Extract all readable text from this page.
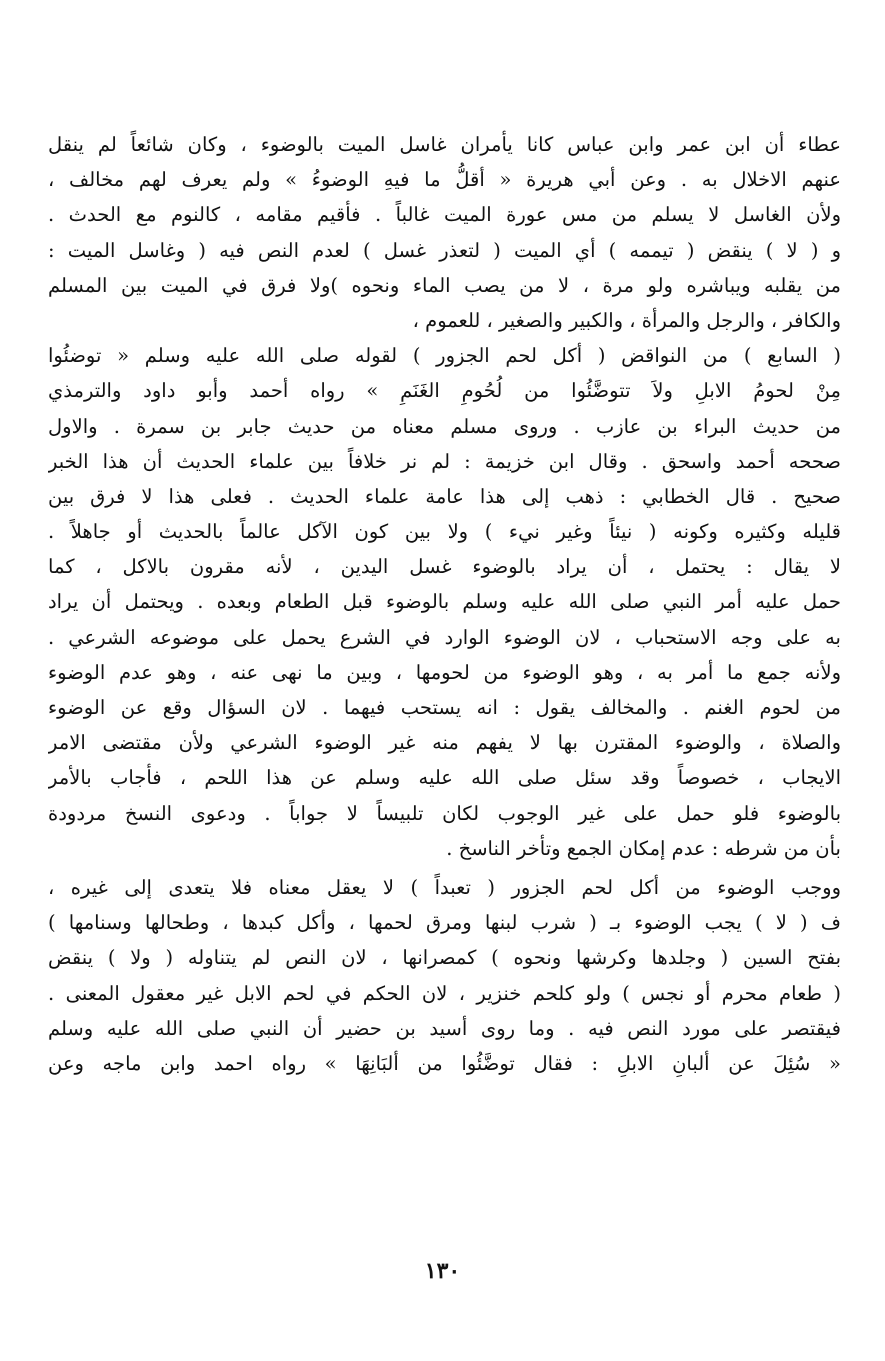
عطاء أن ابن عمر وابن عباس كانا يأمران غاسل الميت بالوضوء ، وكان شائعاً لم ينقل
عنهم الاخلال به . وعن أبي هريرة « أقلُّ ما فيهِ الوضوءُ » ولم يعرف لهم مخالف ،
ولأن الغاسل لا يسلم من مس عورة الميت غالباً . فأقيم مقامه ، كالنوم مع الحدث .
و ( لا ) ينقض ( تيممه ) أي الميت ( لتعذر غسل ) لعدم النص فيه ( وغاسل الميت :
من يقلبه ويباشره ولو مرة ، لا من يصب الماء ونحوه )ولا فرق في الميت بين المسلم
والكافر ، والرجل والمرأة ، والكبير والصغير ، للعموم ،
( السابع ) من النواقض ( أكل لحم الجزور ) لقوله صلى الله عليه وسلم « توضئُوا
مِنْ لحومُ الابلِ ولاَ تتوضَّئُوا من لُحُومِ الغَنَمِ » رواه أحمد وأبو داود والترمذي
من حديث البراء بن عازب . وروى مسلم معناه من حديث جابر بن سمرة . والاول
صححه أحمد واسحق . وقال ابن خزيمة : لم نر خلافاً بين علماء الحديث أن هذا الخبر
صحيح . قال الخطابي : ذهب إلى هذا عامة علماء الحديث . فعلى هذا لا فرق بين
قليله وكثيره وكونه ( نيئاً وغير نيء ) ولا بين كون الآكل عالماً بالحديث أو جاهلاً .
لا يقال : يحتمل ، أن يراد بالوضوء غسل اليدين ، لأنه مقرون بالاكل ، كما
حمل عليه أمر النبي صلى الله عليه وسلم بالوضوء قبل الطعام وبعده . ويحتمل أن يراد
به على وجه الاستحباب ، لان الوضوء الوارد في الشرع يحمل على موضوعه الشرعي .
ولأنه جمع ما أمر به ، وهو الوضوء من لحومها ، وبين ما نهى عنه ، وهو عدم الوضوء
من لحوم الغنم . والمخالف يقول : انه يستحب فيهما . لان السؤال وقع عن الوضوء
والصلاة ، والوضوء المقترن بها لا يفهم منه غير الوضوء الشرعي ولأن مقتضى الامر
الايجاب ، خصوصاً وقد سئل صلى الله عليه وسلم عن هذا اللحم ، فأجاب بالأمر
بالوضوء فلو حمل على غير الوجوب لكان تلبيساً لا جواباً . ودعوى النسخ مردودة
بأن من شرطه : عدم إمكان الجمع وتأخر الناسخ .
ووجب الوضوء من أكل لحم الجزور ( تعبداً ) لا يعقل معناه فلا يتعدى إلى غيره ،
ف ( لا ) يجب الوضوء بـ ( شرب لبنها ومرق لحمها ، وأكل كبدها ، وطحالها وسنامها )
بفتح السين ( وجلدها وكرشها ونحوه ) كمصرانها ، لان النص لم يتناوله ( ولا ) ينقض
( طعام محرم أو نجس ) ولو كلحم خنزير ، لان الحكم في لحم الابل غير معقول المعنى .
فيقتصر على مورد النص فيه . وما روى أسيد بن حضير أن النبي صلى الله عليه وسلم
« سُئِلَ عن ألبانِ الابلِ : فقال توضَّئُوا من ألبَانِهَا » رواه احمد وابن ماجه وعن
١٣٠
